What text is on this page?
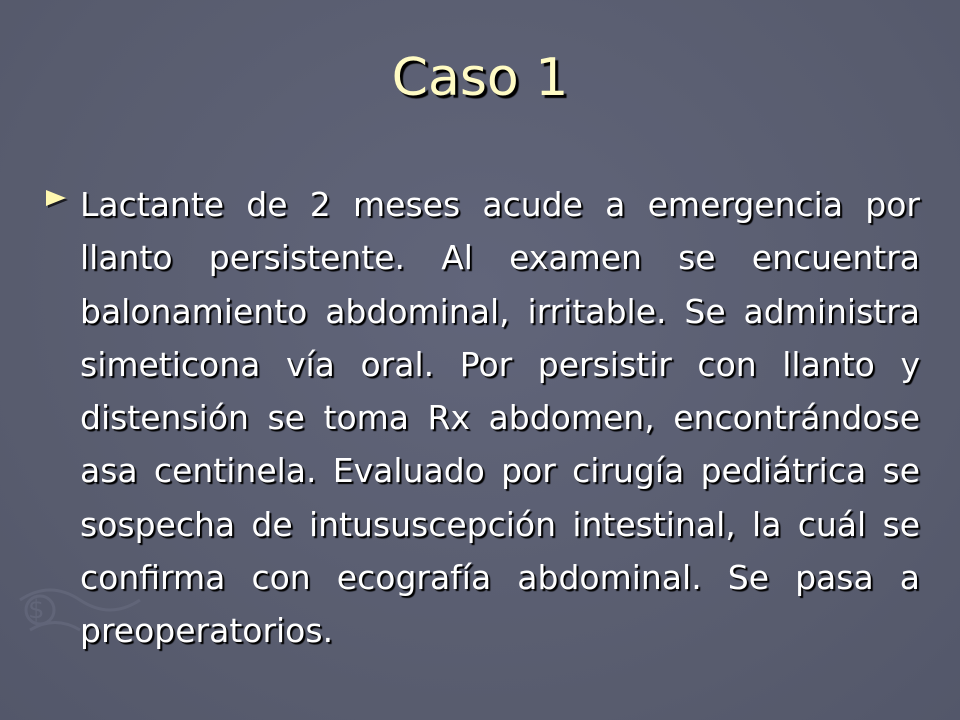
$
Caso 1

Lactante de 2 meses acude a emergencia por llanto persistente. Al examen se encuentra balonamiento abdominal, irritable. Se administra simeticona vía oral. Por persistir con llanto y distensión se toma Rx abdomen, encontrándose asa centinela. Evaluado por cirugía pediátrica se sospecha de intususcepción intestinal, la cuál se confirma con ecografía abdominal. Se pasa a preoperatorios.
